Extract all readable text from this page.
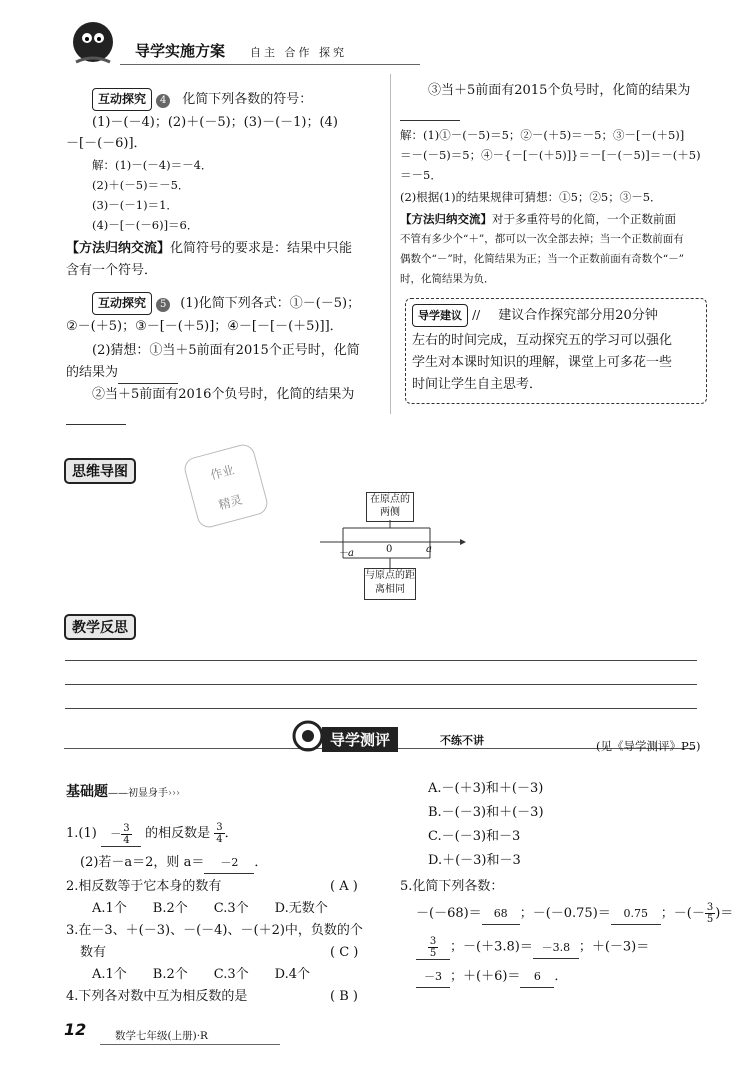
导学实施方案 自主 合作 探究
互动探究 4 化简下列各数的符号：
(1)－(－4)；(2)＋(－5)；(3)－(－1)；(4)
－[－(－6)]．
解：(1)－(－4)＝－4．
(2)＋(－5)＝－5．
(3)－(－1)＝1．
(4)－[－(－6)]＝6．
【方法归纳交流】化简符号的要求是：结果中只能
含有一个符号．
互动探究 5 (1)化简下列各式：①－(－5)；
②－(＋5)；③－[－(＋5)]；④－[－[－(＋5)]]．
(2)猜想：①当＋5前面有2015个正号时，化简
的结果为
②当＋5前面有2016个负号时，化简的结果为
③当＋5前面有2015个负号时，化简的结果为
解：(1)①－(－5)＝5；②－(＋5)＝－5；③－[－(＋5)]
＝－(－5)＝5；④－{－[－(＋5)]}＝－[－(－5)]＝－(＋5)
＝－5．
(2)根据(1)的结果规律可猜想：①5；②5；③－5．
【方法归纳交流】对于多重符号的化简，一个正数前面
不管有多少个“＋”，都可以一次全部去掉；当一个正数前面有
偶数个“－”时，化简结果为正；当一个正数前面有奇数个“－”
时，化简结果为负．
导学建议 // 建议合作探究部分用20分钟
左右的时间完成，互动探究五的学习可以强化
学生对本课时知识的理解，课堂上可多花一些
时间让学生自主思考．
思维导图	作业
精灵	在原点的两侧
－a	0	a
与原点的距离相同
教学反思
导学测评	不练不讲	(见《导学测评》P5)
基础题——初显身手›››
$1.(1) - \frac{3}{4}$ 的相反数是 $\frac{3}{4}$ ．
(2)若－a＝2，则 a＝ －2 ．
2.相反数等于它本身的数有	( A )
A.1个　　B.2个　　C.3个　　D.无数个
3.在－3、＋(－3)、－(－4)、－(＋2)中，负数的个
数有	( C )
A.1个　　B.2个　　C.3个　　D.4个
4.下列各对数中互为相反数的是	( B )
A.－(＋3)和＋(－3)
B.－(－3)和＋(－3)
C.－(－3)和－3
D.＋(－3)和－3
5.化简下列各数：
－(－68)＝ 68 ；－(－0.75)＝ 0.75 ；－(－ $\frac{3}{5}$ )＝
$\frac{3}{5}$ ；－(＋3.8)＝ －3.8 ；＋(－3)＝
－3 ；＋(＋6)＝ 6 ．
12	数学七年级(上册)·R
